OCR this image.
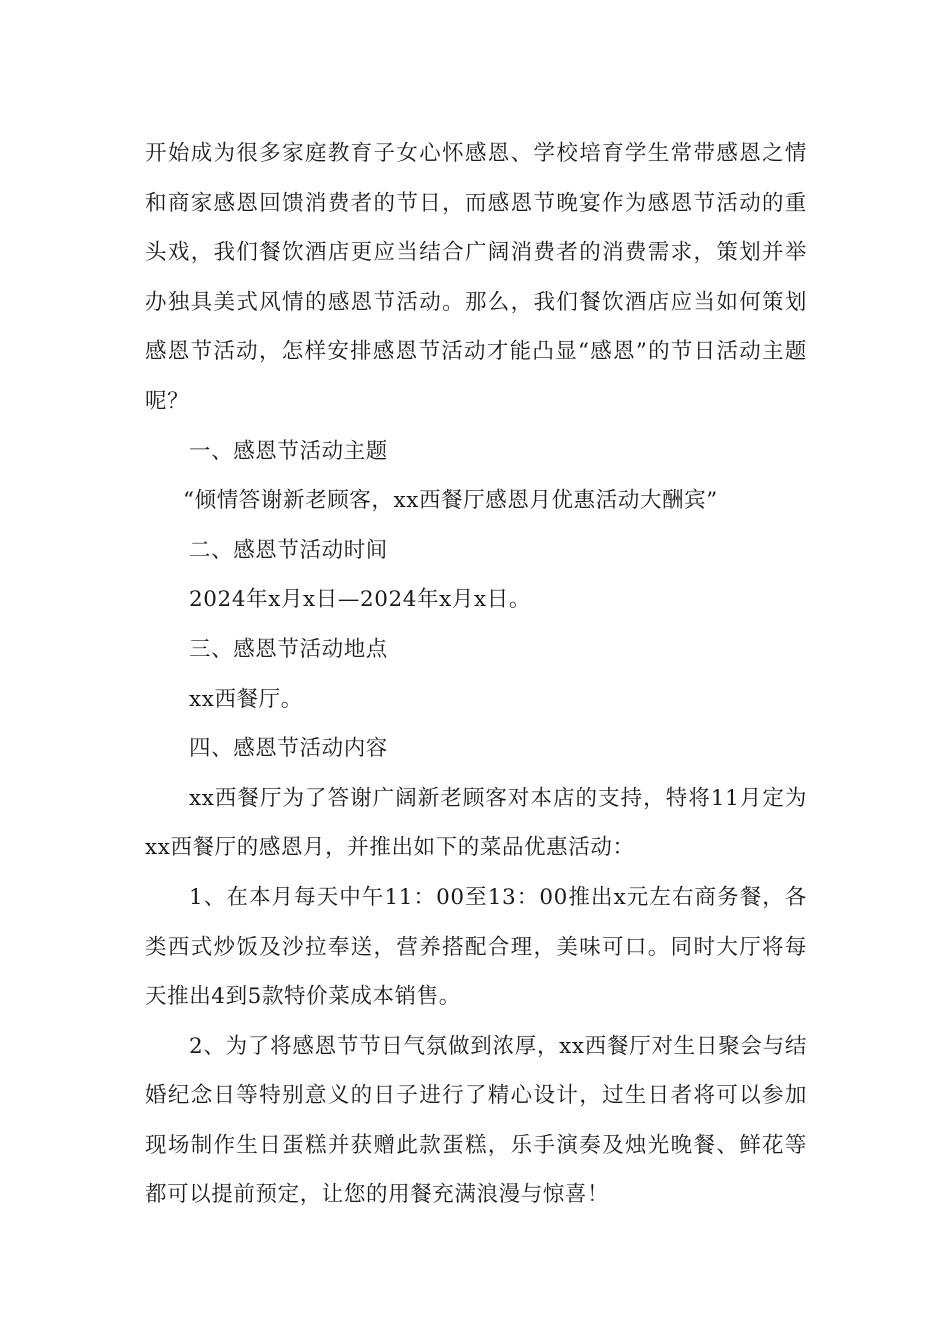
开始成为很多家庭教育子女心怀感恩、学校培育学生常带感恩之情和商家感恩回馈消费者的节日，而感恩节晚宴作为感恩节活动的重头戏，我们餐饮酒店更应当结合广阔消费者的消费需求，策划并举办独具美式风情的感恩节活动。那么，我们餐饮酒店应当如何策划感恩节活动，怎样安排感恩节活动才能凸显“感恩”的节日活动主题呢？

一、感恩节活动主题

“倾情答谢新老顾客，xx西餐厅感恩月优惠活动大酬宾”

二、感恩节活动时间

2024年x月x日—2024年x月x日。

三、感恩节活动地点

xx西餐厅。

四、感恩节活动内容

xx西餐厅为了答谢广阔新老顾客对本店的支持，特将11月定为xx西餐厅的感恩月，并推出如下的菜品优惠活动：

1、在本月每天中午11：00至13：00推出x元左右商务餐，各类西式炒饭及沙拉奉送，营养搭配合理，美味可口。同时大厅将每天推出4到5款特价菜成本销售。

2、为了将感恩节节日气氛做到浓厚，xx西餐厅对生日聚会与结婚纪念日等特别意义的日子进行了精心设计，过生日者将可以参加现场制作生日蛋糕并获赠此款蛋糕，乐手演奏及烛光晚餐、鲜花等都可以提前预定，让您的用餐充满浪漫与惊喜！
